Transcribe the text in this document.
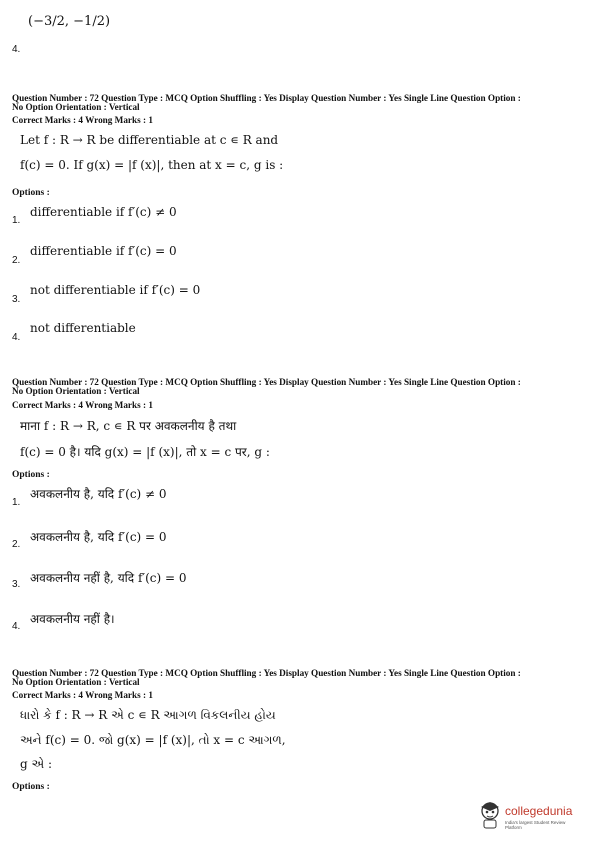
(−3/2, −1/2)
4.
Question Number : 72 Question Type : MCQ Option Shuffling : Yes Display Question Number : Yes Single Line Question Option :
No Option Orientation : Vertical
Correct Marks : 4 Wrong Marks : 1
Let f : R → R be differentiable at c ∊ R and
f(c) = 0. If g(x) = |f (x)|, then at x = c, g is :
Options :
differentiable if f′(c) ≠ 0
1.
differentiable if f′(c) = 0
2.
not differentiable if f′(c) = 0
3.
not differentiable
4.
Question Number : 72 Question Type : MCQ Option Shuffling : Yes Display Question Number : Yes Single Line Question Option :
No Option Orientation : Vertical
Correct Marks : 4 Wrong Marks : 1
माना f : R → R, c ∊ R पर अवकलनीय है तथा
f(c) = 0 है। यदि g(x) = |f (x)|, तो x = c पर, g :
Options :
अवकलनीय है, यदि f′(c) ≠ 0
1.
अवकलनीय है, यदि f′(c) = 0
2.
अवकलनीय नहीं है, यदि f′(c) = 0
3.
अवकलनीय नहीं है।
4.
Question Number : 72 Question Type : MCQ Option Shuffling : Yes Display Question Number : Yes Single Line Question Option :
No Option Orientation : Vertical
Correct Marks : 4 Wrong Marks : 1
ધારો કે f : R → R એ c ∊ R આગળ વિકલનીય હોય
અને f(c) = 0. જો g(x) = |f (x)|, તો x = c આગળ,
g એ :
Options :
collegedunia
India's largest Student Review Platform
